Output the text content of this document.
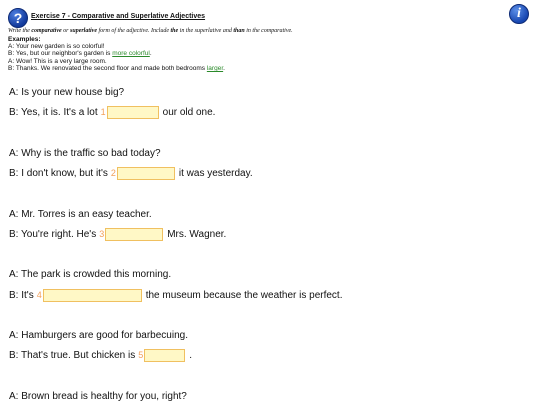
?	i
Exercise 7 - Comparative and Superlative Adjectives
Write the comparative or superlative form of the adjective. Include the in the superlative and than in the comparative.
Examples:
A: Your new garden is so colorful!
B: Yes, but our neighbor's garden is more colorful.
A: Wow! This is a very large room.
B: Thanks. We renovated the second floor and made both bedrooms larger.
A: Is your new house big?
B: Yes, it is. It's a lot 1	our old one.
A: Why is the traffic so bad today?
B: I don't know, but it's 2	it was yesterday.
A: Mr. Torres is an easy teacher.
B: You're right. He's 3	Mrs. Wagner.
A: The park is crowded this morning.
B: It's 4	the museum because the weather is perfect.
A: Hamburgers are good for barbecuing.
B: That's true. But chicken is 5	.
A: Brown bread is healthy for you, right?
